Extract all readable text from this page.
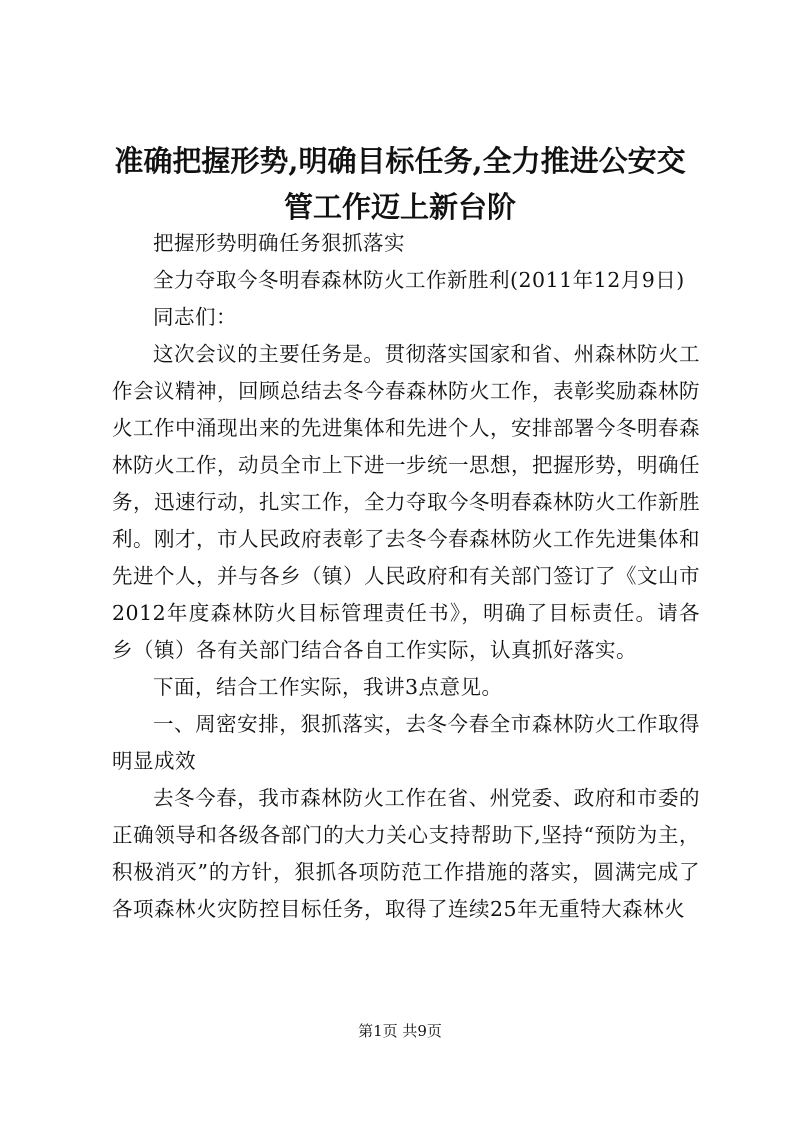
准确把握形势,明确目标任务,全力推进公安交管工作迈上新台阶

把握形势明确任务狠抓落实

全力夺取今冬明春森林防火工作新胜利(2011年12月9日)

同志们：

这次会议的主要任务是。贯彻落实国家和省、州森林防火工作会议精神，回顾总结去冬今春森林防火工作，表彰奖励森林防火工作中涌现出来的先进集体和先进个人，安排部署今冬明春森林防火工作，动员全市上下进一步统一思想，把握形势，明确任务，迅速行动，扎实工作，全力夺取今冬明春森林防火工作新胜利。刚才，市人民政府表彰了去冬今春森林防火工作先进集体和先进个人，并与各乡（镇）人民政府和有关部门签订了《文山市2012年度森林防火目标管理责任书》，明确了目标责任。请各乡（镇）各有关部门结合各自工作实际，认真抓好落实。

下面，结合工作实际，我讲3点意见。

一、周密安排，狠抓落实，去冬今春全市森林防火工作取得明显成效

去冬今春，我市森林防火工作在省、州党委、政府和市委的正确领导和各级各部门的大力关心支持帮助下,坚持“预防为主，积极消灭”的方针，狠抓各项防范工作措施的落实，圆满完成了各项森林火灾防控目标任务，取得了连续25年无重特大森林火

第1页 共9页
